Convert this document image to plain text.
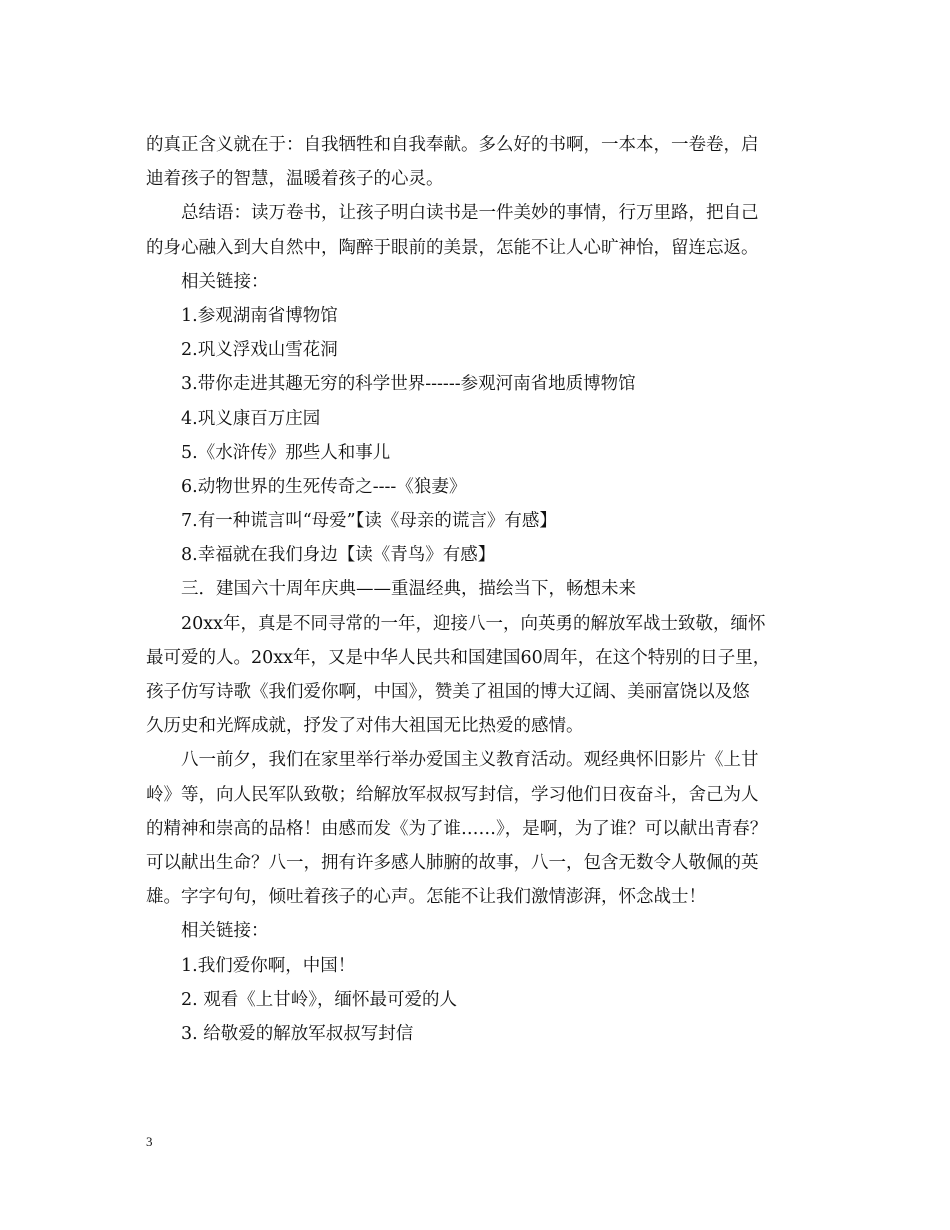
的真正含义就在于：自我牺牲和自我奉献。多么好的书啊，一本本，一卷卷，启
迪着孩子的智慧，温暖着孩子的心灵。
总结语：读万卷书，让孩子明白读书是一件美妙的事情，行万里路，把自己
的身心融入到大自然中，陶醉于眼前的美景，怎能不让人心旷神怡，留连忘返。
相关链接：
1.参观湖南省博物馆
2.巩义浮戏山雪花洞
3.带你走进其趣无穷的科学世界------参观河南省地质博物馆
4.巩义康百万庄园
5.《水浒传》那些人和事儿
6.动物世界的生死传奇之----《狼妻》
7.有一种谎言叫“母爱”【读《母亲的谎言》有感】
8.幸福就在我们身边【读《青鸟》有感】
三．建国六十周年庆典——重温经典，描绘当下，畅想未来
20xx年，真是不同寻常的一年，迎接八一，向英勇的解放军战士致敬，缅怀
最可爱的人。20xx年，又是中华人民共和国建国60周年，在这个特别的日子里，
孩子仿写诗歌《我们爱你啊，中国》，赞美了祖国的博大辽阔、美丽富饶以及悠
久历史和光辉成就，抒发了对伟大祖国无比热爱的感情。
八一前夕，我们在家里举行举办爱国主义教育活动。观经典怀旧影片《上甘
岭》等，向人民军队致敬；给解放军叔叔写封信，学习他们日夜奋斗，舍己为人
的精神和崇高的品格！由感而发《为了谁……》，是啊，为了谁？可以献出青春？
可以献出生命？八一，拥有许多感人肺腑的故事，八一，包含无数令人敬佩的英
雄。字字句句，倾吐着孩子的心声。怎能不让我们激情澎湃，怀念战士！
相关链接：
1.我们爱你啊，中国！
2. 观看《上甘岭》，缅怀最可爱的人
3. 给敬爱的解放军叔叔写封信
3
